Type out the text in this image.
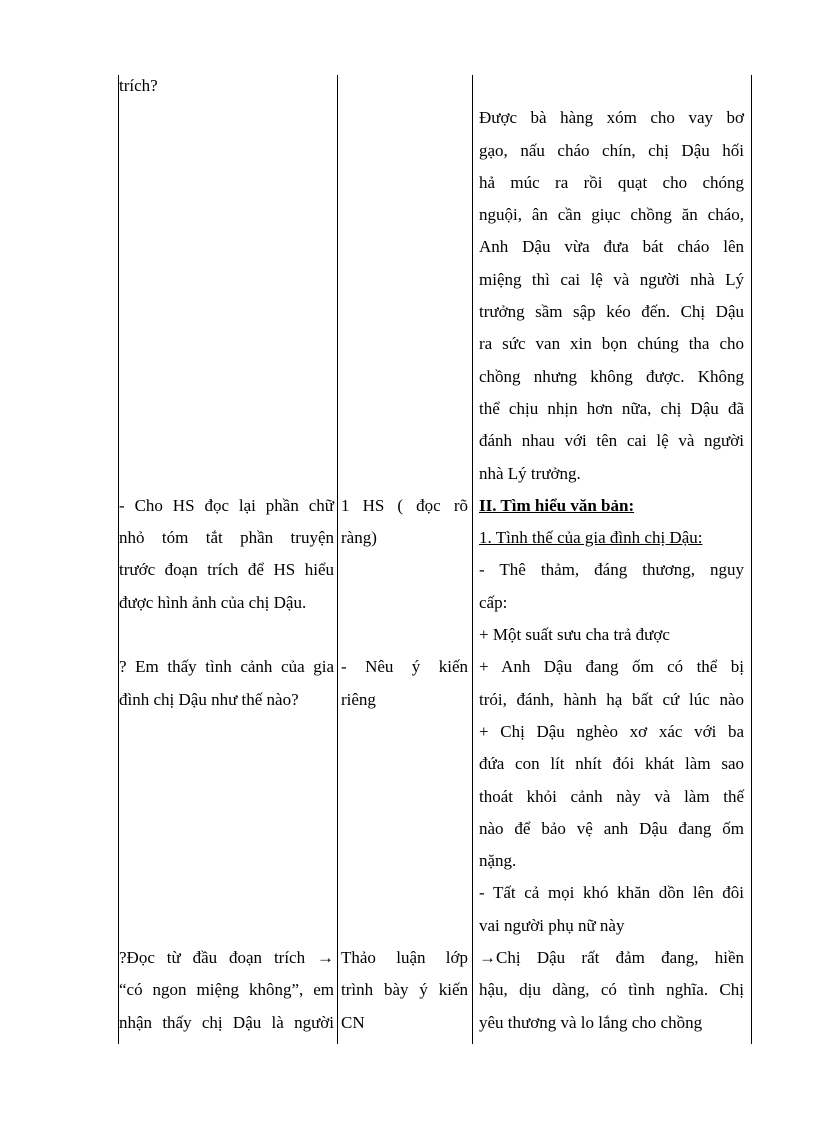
trích?
- Cho HS đọc lại phần chữ
nhỏ tóm tắt phần truyện
trước đoạn trích để HS hiểu
được hình ảnh của chị Dậu.
? Em thấy tình cảnh của gia
đình chị Dậu như thế nào?
?Đọc từ đầu đoạn trích →
“có ngon miệng không”, em
nhận thấy chị Dậu là người
1 HS ( đọc rõ
ràng)
- Nêu ý kiến
riêng
Thảo luận lớp
trình bày ý kiến
CN
Được bà hàng xóm cho vay bơ
gạo, nấu cháo chín, chị Dậu hối
hả múc ra rồi quạt cho chóng
nguội, ân cần giục chồng ăn cháo,
Anh Dậu vừa đưa bát cháo lên
miệng thì cai lệ và người nhà Lý
trưởng sầm sập kéo đến. Chị Dậu
ra sức van xin bọn chúng tha cho
chồng nhưng không được. Không
thể chịu nhịn hơn nữa, chị Dậu đã
đánh nhau với tên cai lệ và người
nhà Lý trưởng.
II. Tìm hiểu văn bản:
1. Tình thế của gia đình chị Dậu:
- Thê thảm, đáng thương, nguy
cấp:
+ Một suất sưu cha trả được
+ Anh Dậu đang ốm có thể bị
trói, đánh, hành hạ bất cứ lúc nào
+ Chị Dậu nghèo xơ xác với ba
đứa con lít nhít đói khát làm sao
thoát khỏi cảnh này và làm thế
nào để bảo vệ anh Dậu đang ốm
nặng.
- Tất cả mọi khó khăn dồn lên đôi
vai người phụ nữ này
→Chị Dậu rất đảm đang, hiền
hậu, dịu dàng, có tình nghĩa. Chị
yêu thương và lo lắng cho chồng
